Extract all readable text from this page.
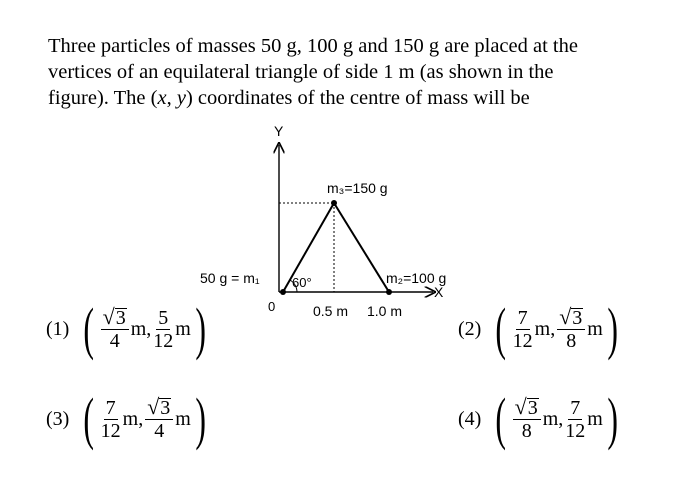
Three particles of masses 50 g, 100 g and 150 g are placed at the

vertices of an equilateral triangle of side 1 m (as shown in the

figure). The (x, y) coordinates of the centre of mass will be

Y
X
0
50 g = m₁	m₂=100 g
m₃=150 g
60°
0.5 m 1.0 m
(1) ( $\frac{√ 3}{4} m$, $\frac{5}{12}$ m )	(2) ( $\frac{7}{12} m$, $\frac{√ 3}{8}$ m )
(3) ( $\frac{7}{12} m$, $\frac{√ 3}{4}$ m )	(4) ( $\frac{√ 3}{8} m$, $\frac{7}{12}$ m )
